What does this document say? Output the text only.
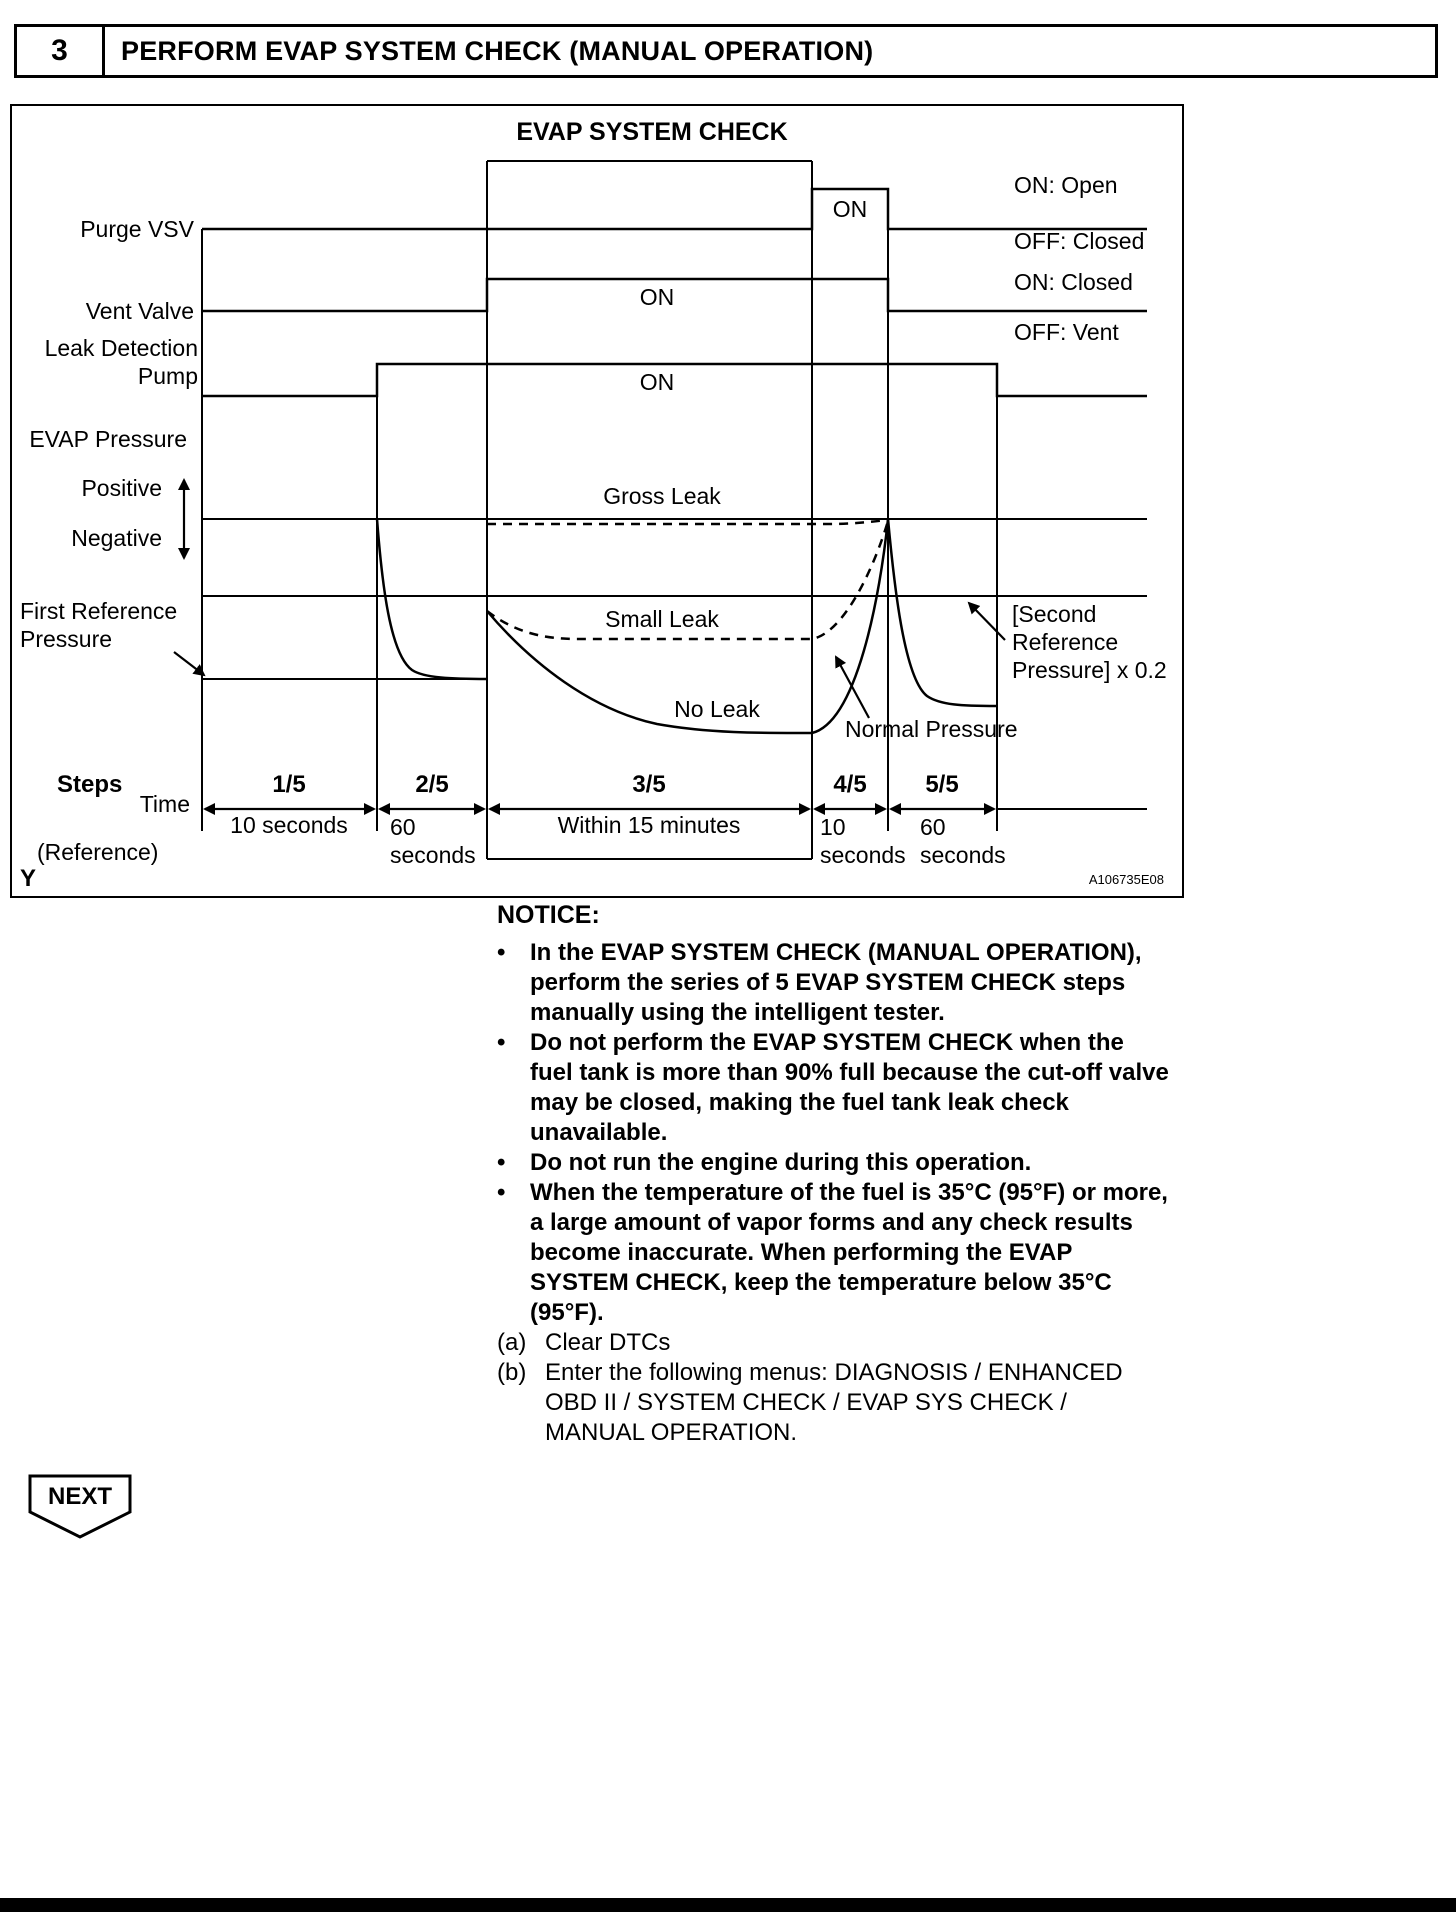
3	PERFORM EVAP SYSTEM CHECK (MANUAL OPERATION)
EVAP SYSTEM CHECK
Purge VSV
Vent Valve
Leak Detection
Pump
EVAP Pressure
Positive
Negative
ON
ON
ON
ON: Open
OFF: Closed
ON: Closed
OFF: Vent
Gross Leak
Small Leak
No Leak
Normal Pressure
First Reference
Pressure
[Second
Reference
Pressure] x 0.2
Steps
Time
(Reference)
1/5	2/5	3/5	4/5 5/5
10 seconds 60
seconds
Within 15 minutes	10
seconds
60
seconds
Y	A106735E08
NOTICE:
•	In the EVAP SYSTEM CHECK (MANUAL OPERATION), perform the series of 5 EVAP SYSTEM CHECK steps manually using the intelligent tester.
•	Do not perform the EVAP SYSTEM CHECK when the fuel tank is more than 90% full because the cut-off valve may be closed, making the fuel tank leak check unavailable.
•	Do not run the engine during this operation.
•	When the temperature of the fuel is 35°C (95°F) or more, a large amount of vapor forms and any check results become inaccurate. When performing the EVAP SYSTEM CHECK, keep the temperature below 35°C (95°F).
(a) Clear DTCs
(b) Enter the following menus: DIAGNOSIS / ENHANCED OBD II / SYSTEM CHECK / EVAP SYS CHECK / MANUAL OPERATION.
NEXT
